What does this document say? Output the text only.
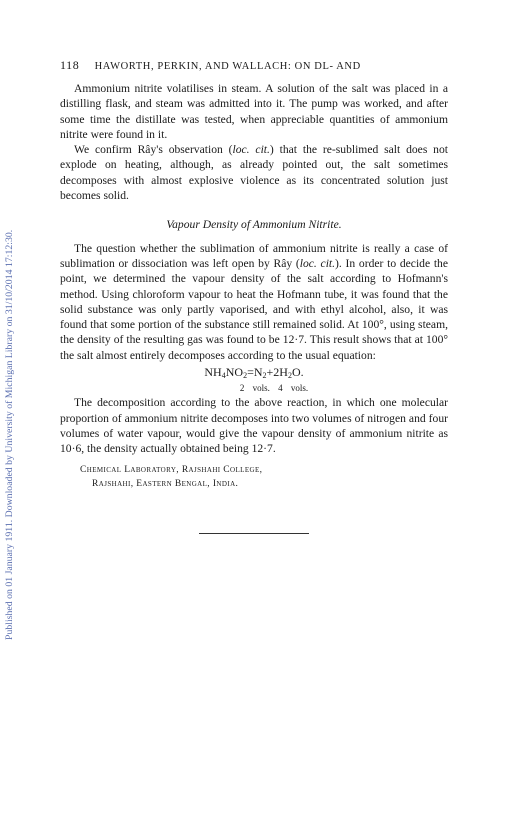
Published on 01 January 1911. Downloaded by University of Michigan Library on 31/10/2014 17:12:30.
118 HAWORTH, PERKIN, AND WALLACH: ON DL- AND

Ammonium nitrite volatilises in steam. A solution of the salt was placed in a distilling flask, and steam was admitted into it. The pump was worked, and after some time the distillate was tested, when appreciable quantities of ammonium nitrite were found in it.

We confirm Rây's observation (loc. cit.) that the re-sublimed salt does not explode on heating, although, as already pointed out, the salt sometimes decomposes with almost explosive violence as its concentrated solution just becomes solid.

Vapour Density of Ammonium Nitrite.

The question whether the sublimation of ammonium nitrite is really a case of sublimation or dissociation was left open by Rây (loc. cit.). In order to decide the point, we determined the vapour density of the salt according to Hofmann's method. Using chloroform vapour to heat the Hofmann tube, it was found that the solid substance was only partly vaporised, and with ethyl alcohol, also, it was found that some portion of the substance still remained solid. At 100°, using steam, the density of the resulting gas was found to be 12·7. This result shows that at 100° the salt almost entirely decomposes according to the usual equation:

$NH_4NO_2=N_2+2H_2O$.
2 vols. 4 vols.

The decomposition according to the above reaction, in which one molecular proportion of ammonium nitrite decomposes into two volumes of nitrogen and four volumes of water vapour, would give the vapour density of ammonium nitrite as 10·6, the density actually obtained being 12·7.

Chemical Laboratory, Rajshahi College,
Rajshahi, Eastern Bengal, India.
